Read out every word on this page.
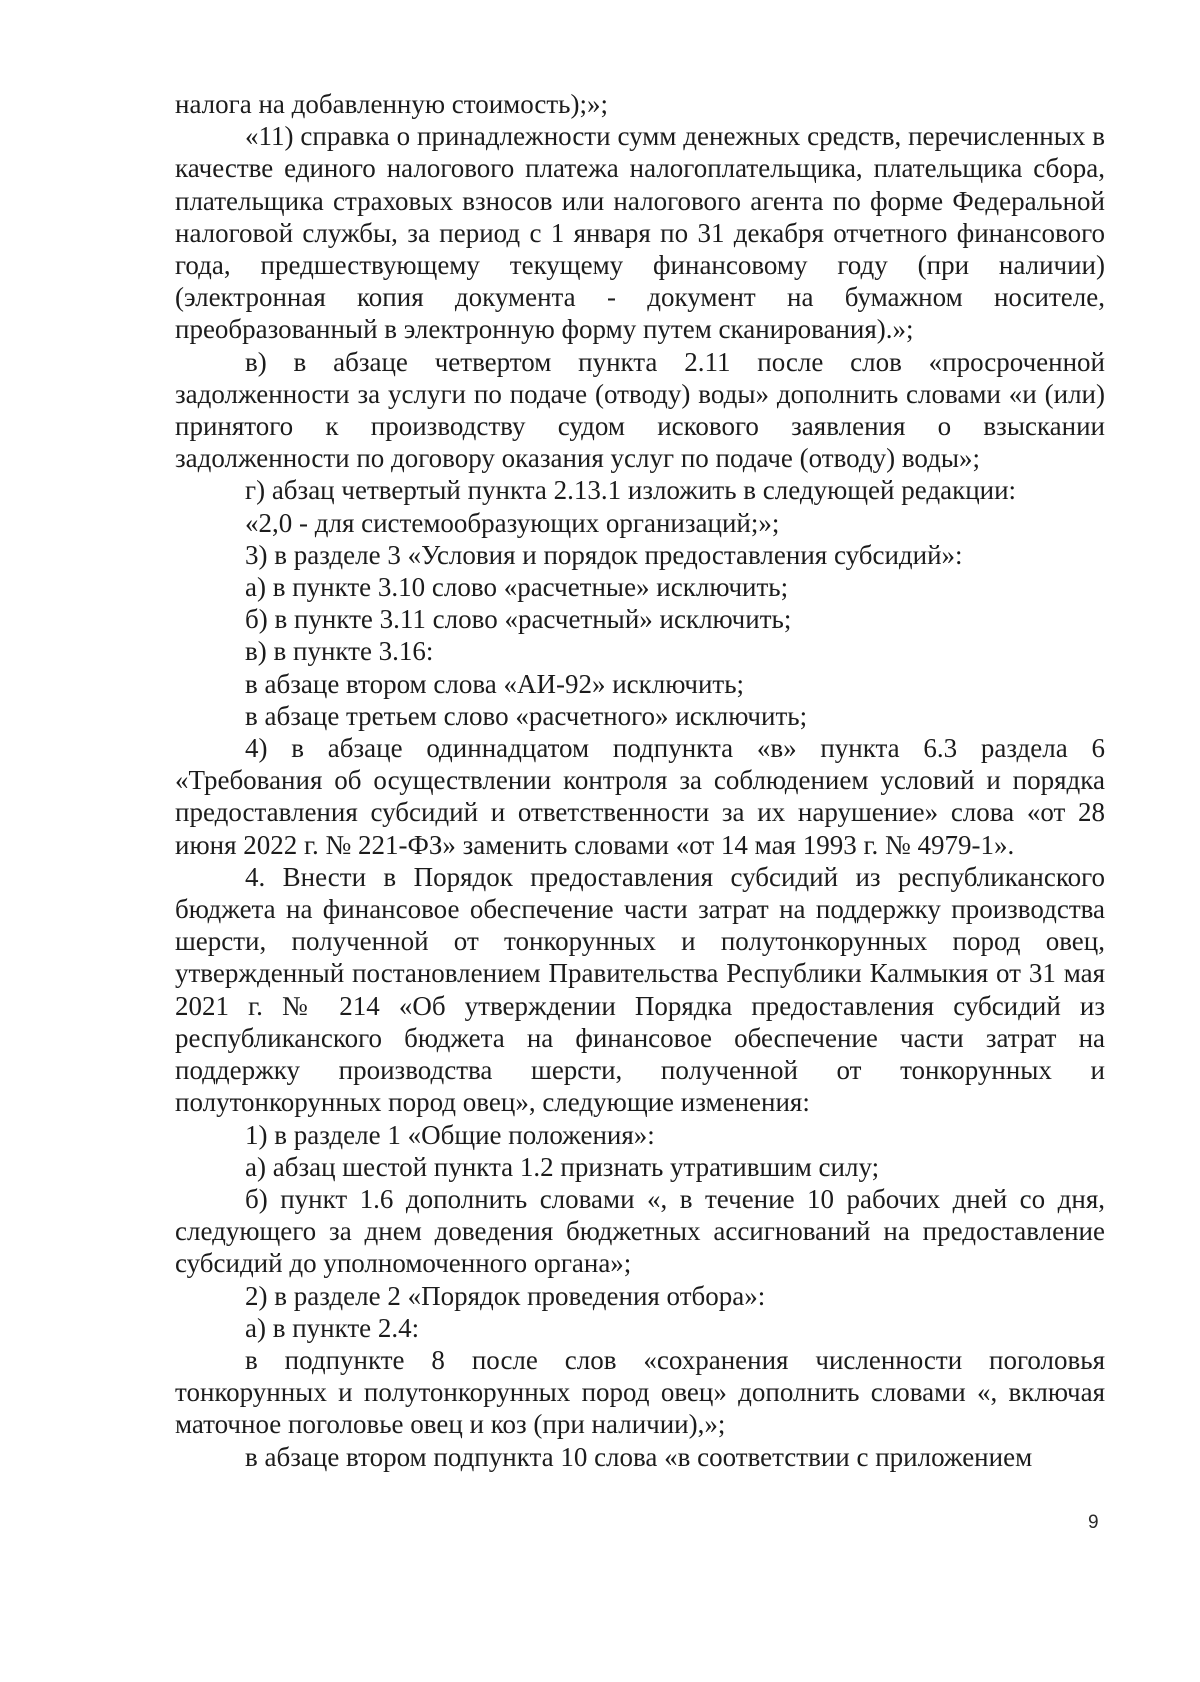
налога на добавленную стоимость);»;

«11) справка о принадлежности сумм денежных средств, перечисленных в качестве единого налогового платежа налогоплательщика, плательщика сбора, плательщика страховых взносов или налогового агента по форме Федеральной налоговой службы, за период с 1 января по 31 декабря отчетного финансового года, предшествующему текущему финансовому году (при наличии) (электронная копия документа - документ на бумажном носителе, преобразованный в электронную форму путем сканирования).»;

в) в абзаце четвертом пункта 2.11 после слов «просроченной задолженности за услуги по подаче (отводу) воды» дополнить словами «и (или) принятого к производству судом искового заявления о взыскании задолженности по договору оказания услуг по подаче (отводу) воды»;

г) абзац четвертый пункта 2.13.1 изложить в следующей редакции:

«2,0 - для системообразующих организаций;»;

3) в разделе 3 «Условия и порядок предоставления субсидий»:

а) в пункте 3.10 слово «расчетные» исключить;

б) в пункте 3.11 слово «расчетный» исключить;

в) в пункте 3.16:

в абзаце втором слова «АИ-92» исключить;

в абзаце третьем слово «расчетного» исключить;

4) в абзаце одиннадцатом подпункта «в» пункта 6.3 раздела 6 «Требования об осуществлении контроля за соблюдением условий и порядка предоставления субсидий и ответственности за их нарушение» слова «от 28 июня 2022 г. № 221-ФЗ» заменить словами «от 14 мая 1993 г. № 4979-1».

4. Внести в Порядок предоставления субсидий из республиканского бюджета на финансовое обеспечение части затрат на поддержку производства шерсти, полученной от тонкорунных и полутонкорунных пород овец, утвержденный постановлением Правительства Республики Калмыкия от 31 мая 2021 г. № 214 «Об утверждении Порядка предоставления субсидий из республиканского бюджета на финансовое обеспечение части затрат на поддержку производства шерсти, полученной от тонкорунных и полутонкорунных пород овец», следующие изменения:

1) в разделе 1 «Общие положения»:

а) абзац шестой пункта 1.2 признать утратившим силу;

б) пункт 1.6 дополнить словами «, в течение 10 рабочих дней со дня, следующего за днем доведения бюджетных ассигнований на предоставление субсидий до уполномоченного органа»;

2) в разделе 2 «Порядок проведения отбора»:

а) в пункте 2.4:

в подпункте 8 после слов «сохранения численности поголовья тонкорунных и полутонкорунных пород овец» дополнить словами «, включая маточное поголовье овец и коз (при наличии),»;

в абзаце втором подпункта 10 слова «в соответствии с приложением

9
